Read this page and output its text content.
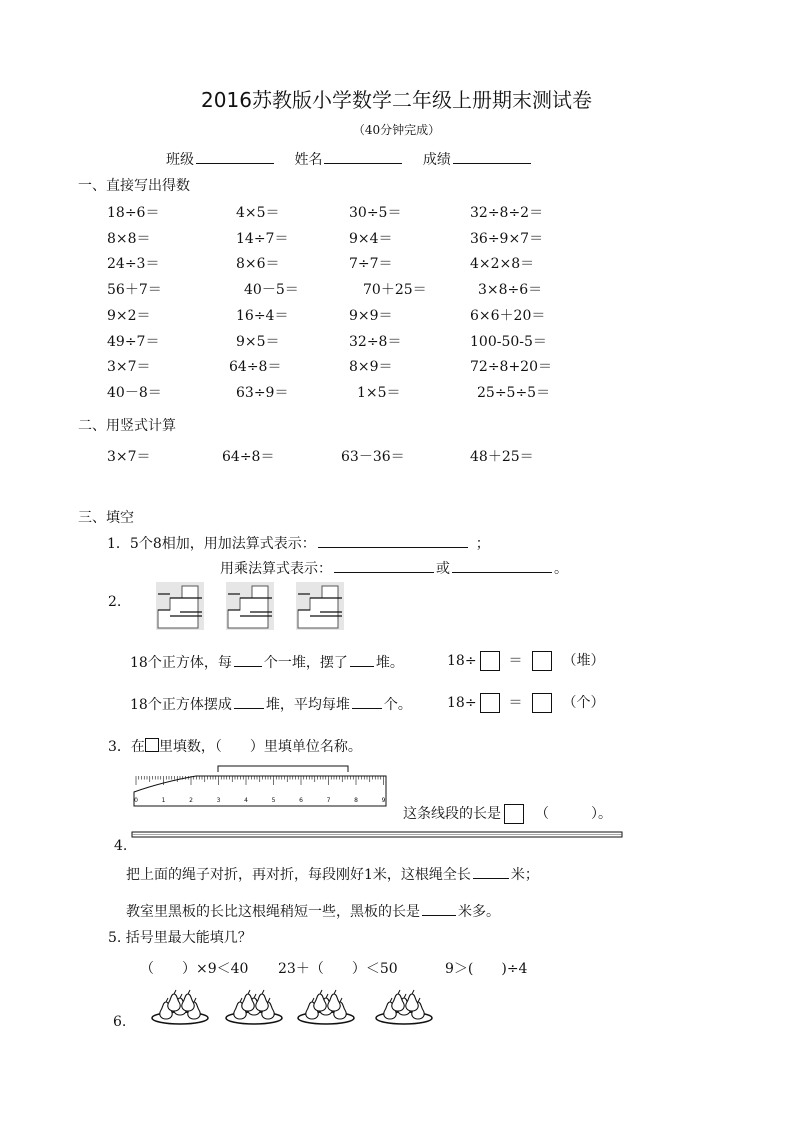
2016苏教版小学数学二年级上册期末测试卷
（40分钟完成）
班级	姓名	成绩
一、直接写出得数
18÷6＝	4×5＝	30÷5＝	32÷8÷2＝
8×8＝	14÷7＝	9×4＝	36÷9×7＝
24÷3＝	8×6＝	7÷7＝	4×2×8＝
56＋7＝	40－5＝	70＋25＝	3×8÷6＝
9×2＝	16÷4＝	9×9＝	6×6＋20＝
49÷7＝	9×5＝	32÷8＝	100-50-5＝
3×7＝	64÷8＝	8×9＝	72÷8+20＝
40－8＝	63÷9＝	1×5＝	25÷5÷5＝
二、用竖式计算
3×7＝	64÷8＝	63－36＝	48＋25＝
三、填空
1．5个8相加，用加法算式表示：	；
用乘法算式表示：	或	。
2.
18个正方体，每 个一堆，摆了 堆。	18÷ ＝	（堆）
18个正方体摆成 堆，平均每堆 个。	18÷ ＝	（个）
3．在 里填数，（　　）里填单位名称。
0	1	2	3	4	5	6	7	8	9
这条线段的长是 （　　　）。
4.
把上面的绳子对折，再对折，每段刚好1米，这根绳全长	米；
教室里黑板的长比这根绳稍短一些，黑板的长是	米多。
5. 括号里最大能填几？
（　　）×9＜40 23＋（　　）＜50	9＞(　　)÷4
6.
